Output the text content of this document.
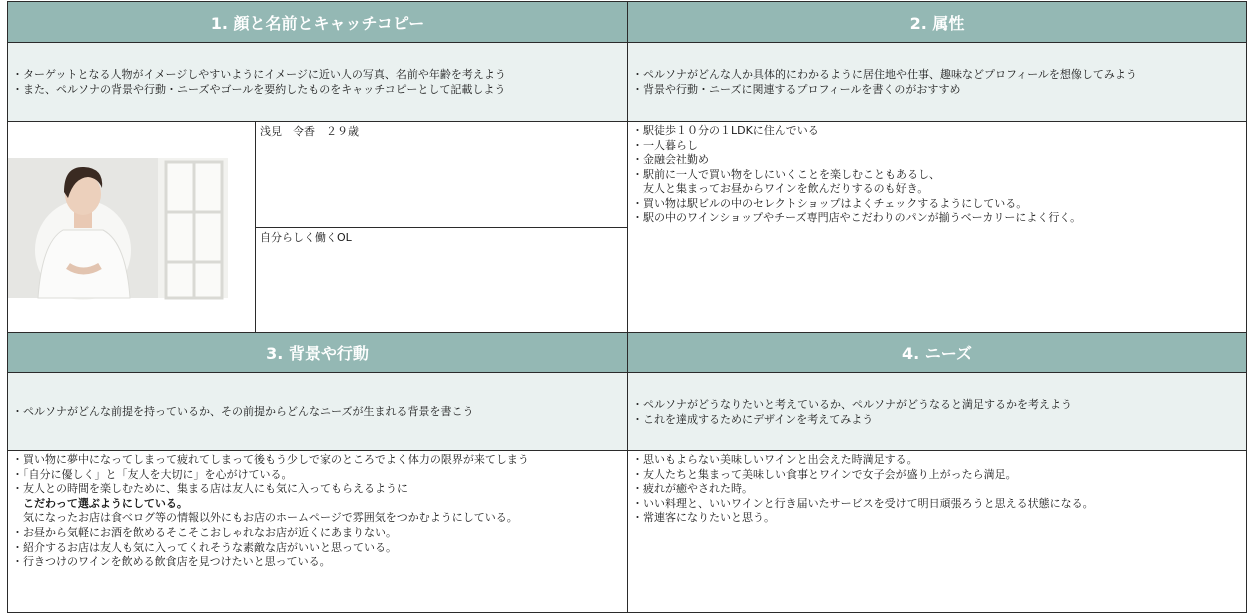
1. 顔と名前とキャッチコピー	2. 属性
・ターゲットとなる人物がイメージしやすいようにイメージに近い人の写真、名前や年齢を考えよう
・また、ペルソナの背景や行動・ニーズやゴールを要約したものをキャッチコピーとして記載しよう
・ペルソナがどんな人か具体的にわかるように居住地や仕事、趣味などプロフィールを想像してみよう
・背景や行動・ニーズに関連するプロフィールを書くのがおすすめ
浅見　令香　２９歳
自分らしく働くOL
・駅徒歩１０分の１LDKに住んでいる
・一人暮らし
・金融会社勤め
・駅前に一人で買い物をしにいくことを楽しむこともあるし、
　友人と集まってお昼からワインを飲んだりするのも好き。
・買い物は駅ビルの中のセレクトショップはよくチェックするようにしている。
・駅の中のワインショップやチーズ専門店やこだわりのパンが揃うベーカリーによく行く。
3. 背景や行動	4. ニーズ
・ペルソナがどんな前提を持っているか、その前提からどんなニーズが生まれる背景を書こう
・ペルソナがどうなりたいと考えているか、ペルソナがどうなると満足するかを考えよう
・これを達成するためにデザインを考えてみよう
・買い物に夢中になってしまって疲れてしまって後もう少しで家のところでよく体力の限界が来てしまう
・「自分に優しく」と「友人を大切に」を心がけている。
・友人との時間を楽しむために、集まる店は友人にも気に入ってもらえるように
こだわって選ぶようにしている。
気になったお店は食べログ等の情報以外にもお店のホームページで雰囲気をつかむようにしている。
・お昼から気軽にお酒を飲めるそこそこおしゃれなお店が近くにあまりない。
・紹介するお店は友人も気に入ってくれそうな素敵な店がいいと思っている。
・行きつけのワインを飲める飲食店を見つけたいと思っている。
・思いもよらない美味しいワインと出会えた時満足する。
・友人たちと集まって美味しい食事とワインで女子会が盛り上がったら満足。
・疲れが癒やされた時。
・いい料理と、いいワインと行き届いたサービスを受けて明日頑張ろうと思える状態になる。
・常連客になりたいと思う。
